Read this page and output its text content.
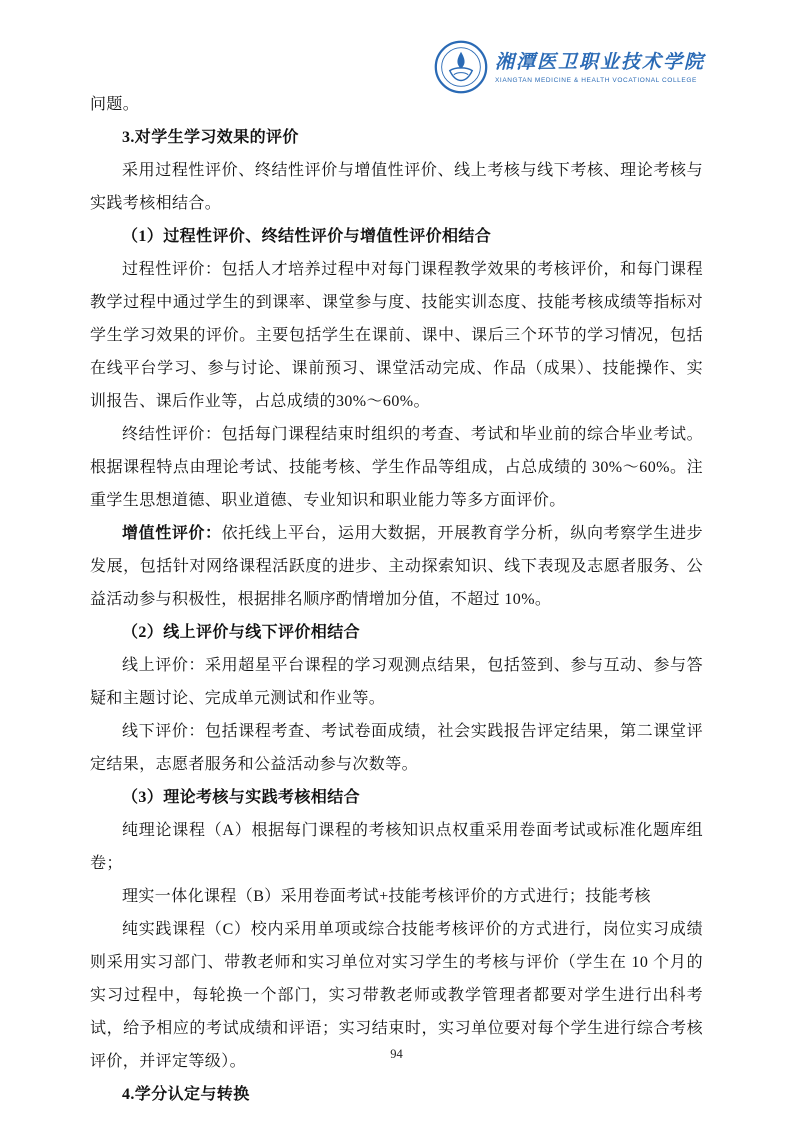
湘潭医卫职业技术学院
XIANGTAN MEDICINE & HEALTH VOCATIONAL COLLEGE

问题。

3.对学生学习效果的评价

采用过程性评价、终结性评价与增值性评价、线上考核与线下考核、理论考核与实践考核相结合。

（1）过程性评价、终结性评价与增值性评价相结合

过程性评价：包括人才培养过程中对每门课程教学效果的考核评价，和每门课程教学过程中通过学生的到课率、课堂参与度、技能实训态度、技能考核成绩等指标对学生学习效果的评价。主要包括学生在课前、课中、课后三个环节的学习情况，包括在线平台学习、参与讨论、课前预习、课堂活动完成、作品（成果）、技能操作、实训报告、课后作业等，占总成绩的30%～60%。

终结性评价：包括每门课程结束时组织的考查、考试和毕业前的综合毕业考试。根据课程特点由理论考试、技能考核、学生作品等组成，占总成绩的 30%～60%。注重学生思想道德、职业道德、专业知识和职业能力等多方面评价。

增值性评价：依托线上平台，运用大数据，开展教育学分析，纵向考察学生进步发展，包括针对网络课程活跃度的进步、主动探索知识、线下表现及志愿者服务、公益活动参与积极性，根据排名顺序酌情增加分值，不超过 10%。

（2）线上评价与线下评价相结合

线上评价：采用超星平台课程的学习观测点结果，包括签到、参与互动、参与答疑和主题讨论、完成单元测试和作业等。

线下评价：包括课程考查、考试卷面成绩，社会实践报告评定结果，第二课堂评定结果，志愿者服务和公益活动参与次数等。

（3）理论考核与实践考核相结合

纯理论课程（A）根据每门课程的考核知识点权重采用卷面考试或标准化题库组卷；

理实一体化课程（B）采用卷面考试+技能考核评价的方式进行；技能考核

纯实践课程（C）校内采用单项或综合技能考核评价的方式进行，岗位实习成绩则采用实习部门、带教老师和实习单位对实习学生的考核与评价（学生在 10 个月的实习过程中，每轮换一个部门，实习带教老师或教学管理者都要对学生进行出科考试，给予相应的考试成绩和评语；实习结束时，实习单位要对每个学生进行综合考核评价，并评定等级）。

4.学分认定与转换

94
